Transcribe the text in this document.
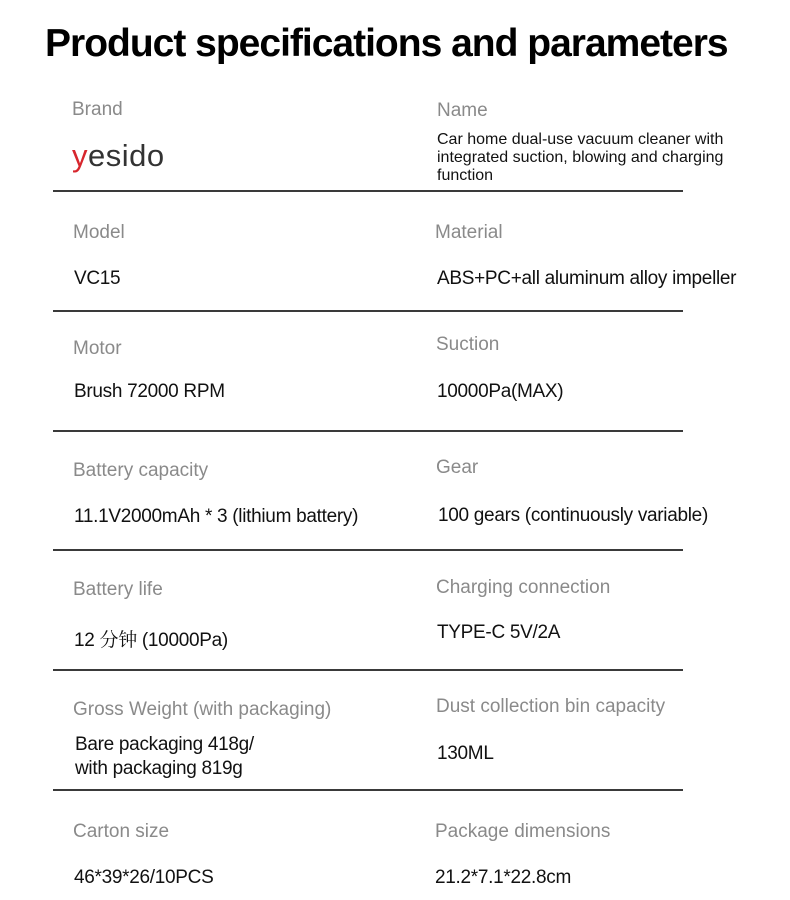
Product specifications and parameters
Brand
yesido
Name
Car home dual-use vacuum cleaner with integrated suction, blowing and charging function
Model
VC15
Material
ABS+PC+all aluminum alloy impeller
Motor
Brush 72000 RPM
Suction
10000Pa(MAX)
Battery capacity
11.1V2000mAh * 3 (lithium battery)
Gear
100 gears (continuously variable)
Battery life
12 分钟 (10000Pa)
Charging connection
TYPE-C 5V/2A
Gross Weight (with packaging)
Bare packaging 418g/
with packaging 819g
Dust collection bin capacity
130ML
Carton size
46*39*26/10PCS
Package dimensions
21.2*7.1*22.8cm
